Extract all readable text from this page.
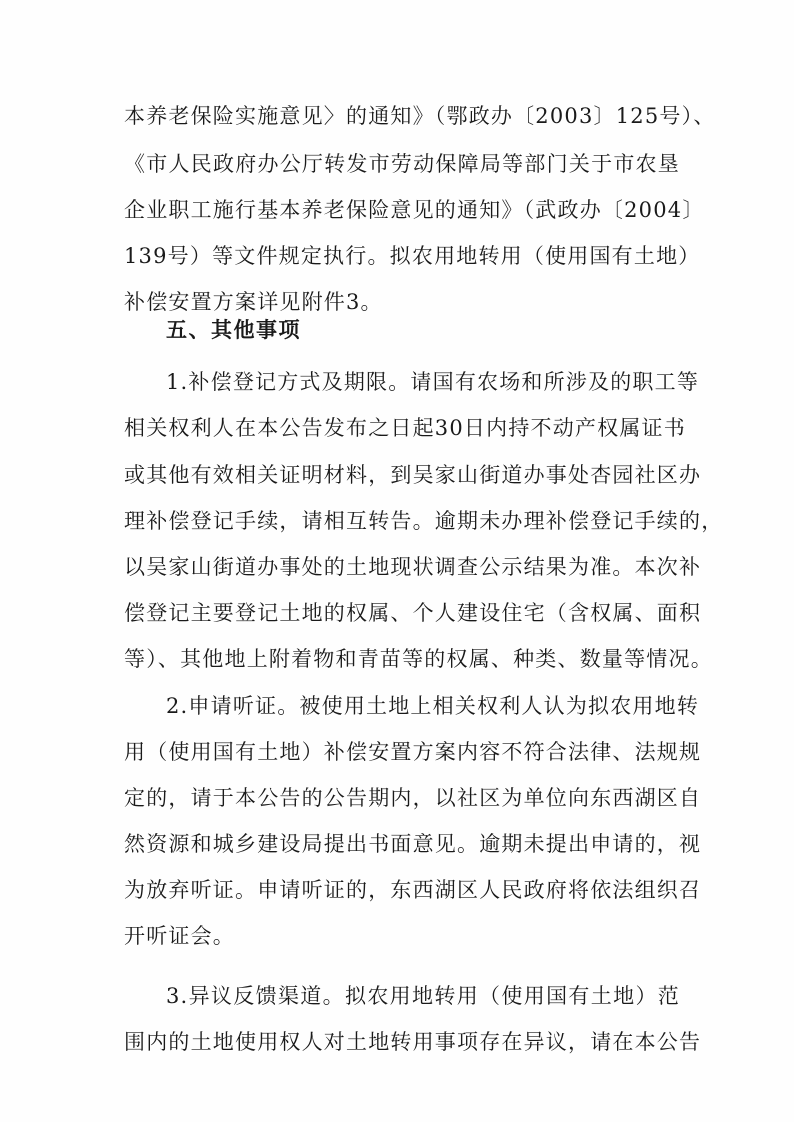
本养老保险实施意见〉的通知》（鄂政办〔2003〕125号）、
《市人民政府办公厅转发市劳动保障局等部门关于市农垦
企业职工施行基本养老保险意见的通知》（武政办〔2004〕
139号）等文件规定执行。拟农用地转用（使用国有土地）
补偿安置方案详见附件3。
五、其他事项
1.补偿登记方式及期限。请国有农场和所涉及的职工等
相关权利人在本公告发布之日起30日内持不动产权属证书
或其他有效相关证明材料，到吴家山街道办事处杏园社区办
理补偿登记手续，请相互转告。逾期未办理补偿登记手续的，
以吴家山街道办事处的土地现状调查公示结果为准。本次补
偿登记主要登记土地的权属、个人建设住宅（含权属、面积
等）、其他地上附着物和青苗等的权属、种类、数量等情况。
2.申请听证。被使用土地上相关权利人认为拟农用地转
用（使用国有土地）补偿安置方案内容不符合法律、法规规
定的，请于本公告的公告期内，以社区为单位向东西湖区自
然资源和城乡建设局提出书面意见。逾期未提出申请的，视
为放弃听证。申请听证的，东西湖区人民政府将依法组织召
开听证会。
3.异议反馈渠道。拟农用地转用（使用国有土地）范
围内的土地使用权人对土地转用事项存在异议，请在本公告
